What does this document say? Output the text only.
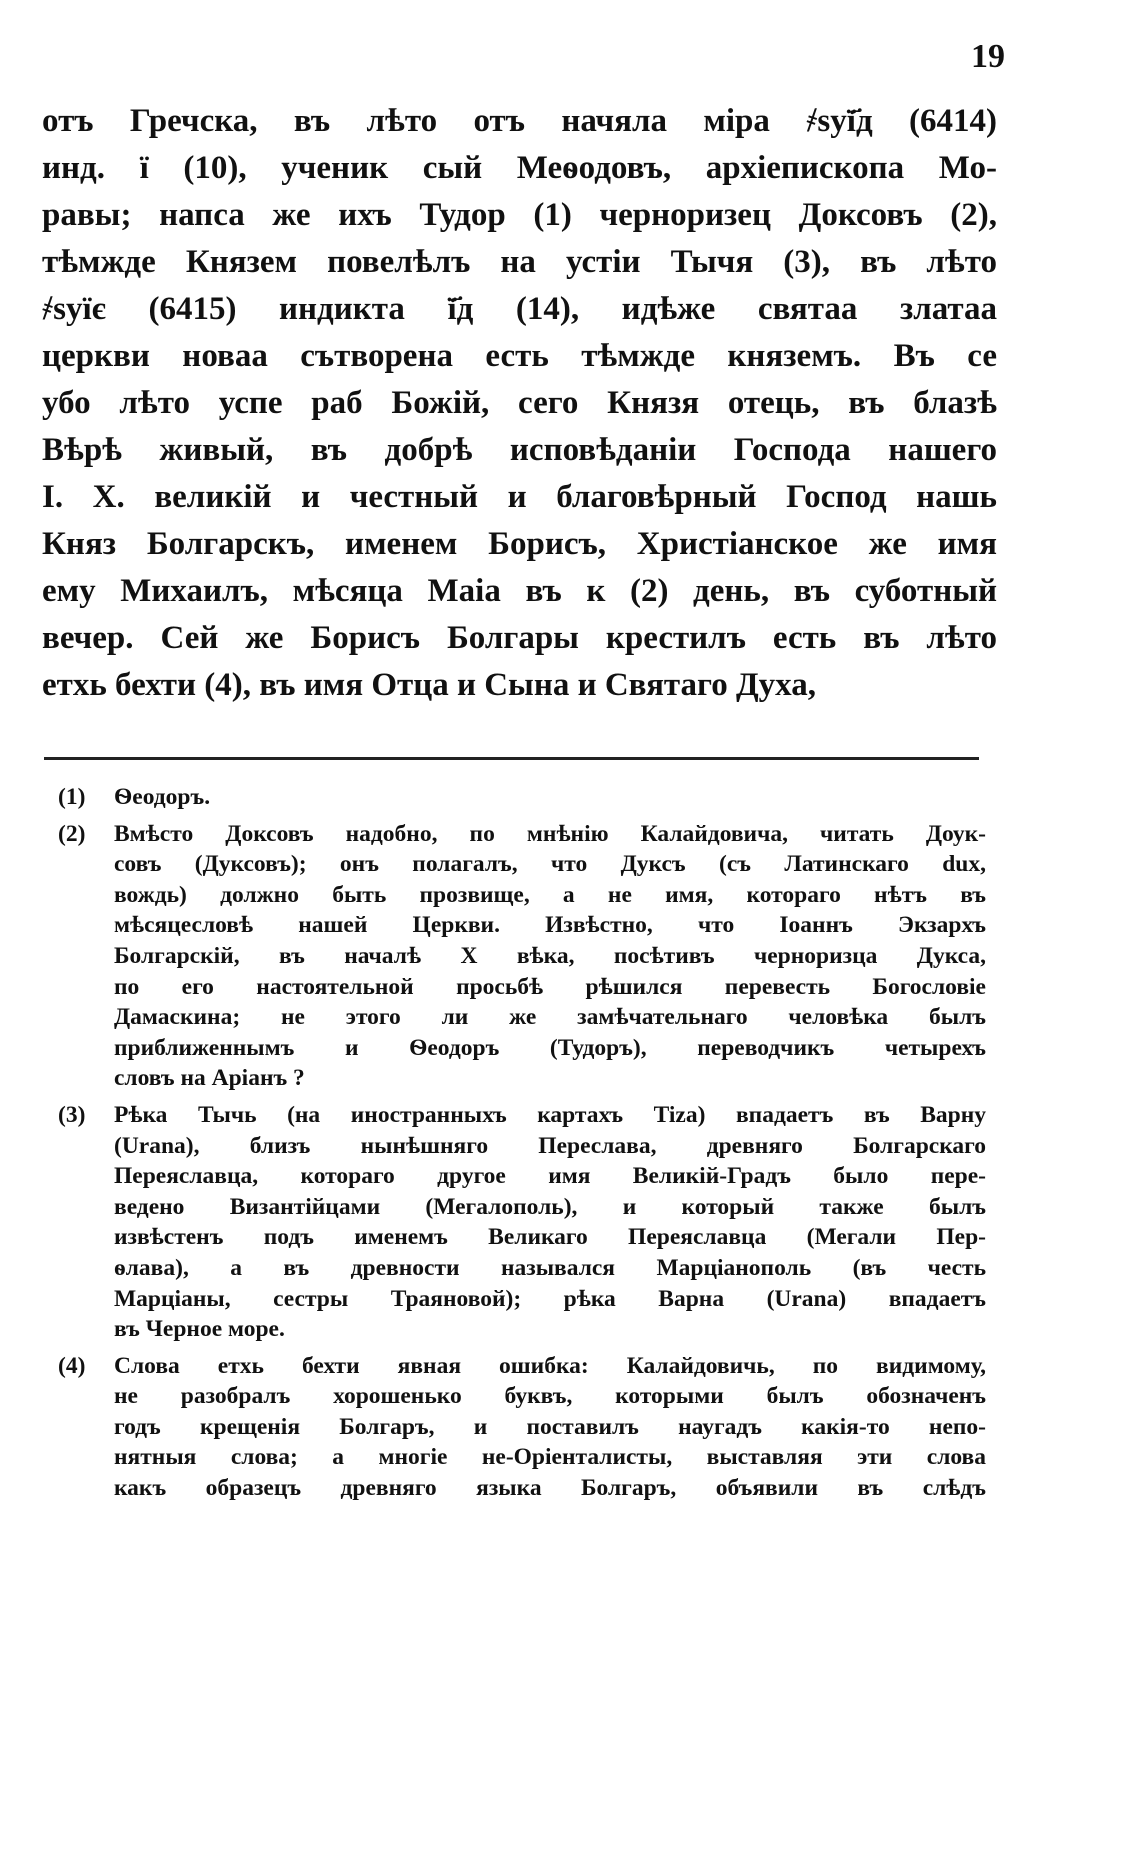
19
отъ Гречска, въ лѣто отъ начяла міра ҂ѕуї҃д (6414)
инд. ї (10), ученик сый Меѳодовъ, архіепископа Мо-
равы; напса же ихъ Тудор (1) черноризец Доксовъ (2),
тѣмжде Князем повелѣлъ на устіи Тычя (3), въ лѣто
҂ѕуїє (6415) индикта ї҃д (14), идѣже святаа златаа
церкви новаа сътворена есть тѣмжде княземъ. Въ се
убо лѣто успе раб Божій, сего Князя отець, въ блазѣ
Вѣрѣ живый, въ добрѣ исповѣданіи Господа нашего
І. Х. великій и честный и благовѣрный Господ нашь
Княз Болгарскъ, именем Борисъ, Христіанское же имя
ему Михаилъ, мѣсяца Маіа въ к (2) день, въ суботный
вечер. Сей же Борисъ Болгары крестилъ есть въ лѣто
етхь бехти (4), въ имя Отца и Сына и Святаго Духа,
(1) Ѳеодоръ.
(2) Вмѣсто Доксовъ надобно, по мнѣнію Калайдовича, читать Доук-
совъ (Дуксовъ); онъ полагалъ, что Дуксъ (съ Латинскаго dux,
вождь) должно быть прозвище, а не имя, котораго нѣтъ въ
мѣсяцесловѣ нашей Церкви. Извѣстно, что Іоаннъ Экзархъ
Болгарскій, въ началѣ X вѣка, посѣтивъ черноризца Дукса,
по его настоятельной просьбѣ рѣшился перевесть Богословіе
Дамаскина; не этого ли же замѣчательнаго человѣка былъ
приближеннымъ и Ѳеодоръ (Тудоръ), переводчикъ четырехъ
словъ на Аріанъ ?
(3) Рѣка Тычь (на иностранныхъ картахъ Tiza) впадаетъ въ Варну
(Urana), близъ нынѣшняго Переслава, древняго Болгарскаго
Переяславца, котораго другое имя Великій-Градъ было пере-
ведено Византійцами (Мегалополь), и который также былъ
извѣстенъ подъ именемъ Великаго Переяславца (Мегали Пер-
ѳлава), а въ древности назывался Марціанополь (въ честь
Марціаны, сестры Траяновой); рѣка Варна (Urana) впадаетъ
въ Черное море.
(4) Слова етхь бехти явная ошибка: Калайдовичь, по видимому,
не разобралъ хорошенько буквъ, которыми былъ обозначенъ
годъ крещенія Болгаръ, и поставилъ наугадъ какія-то непо-
нятныя слова; а многіе не-Оріенталисты, выставляя эти слова
какъ образецъ древняго языка Болгаръ, объявили въ слѣдъ
